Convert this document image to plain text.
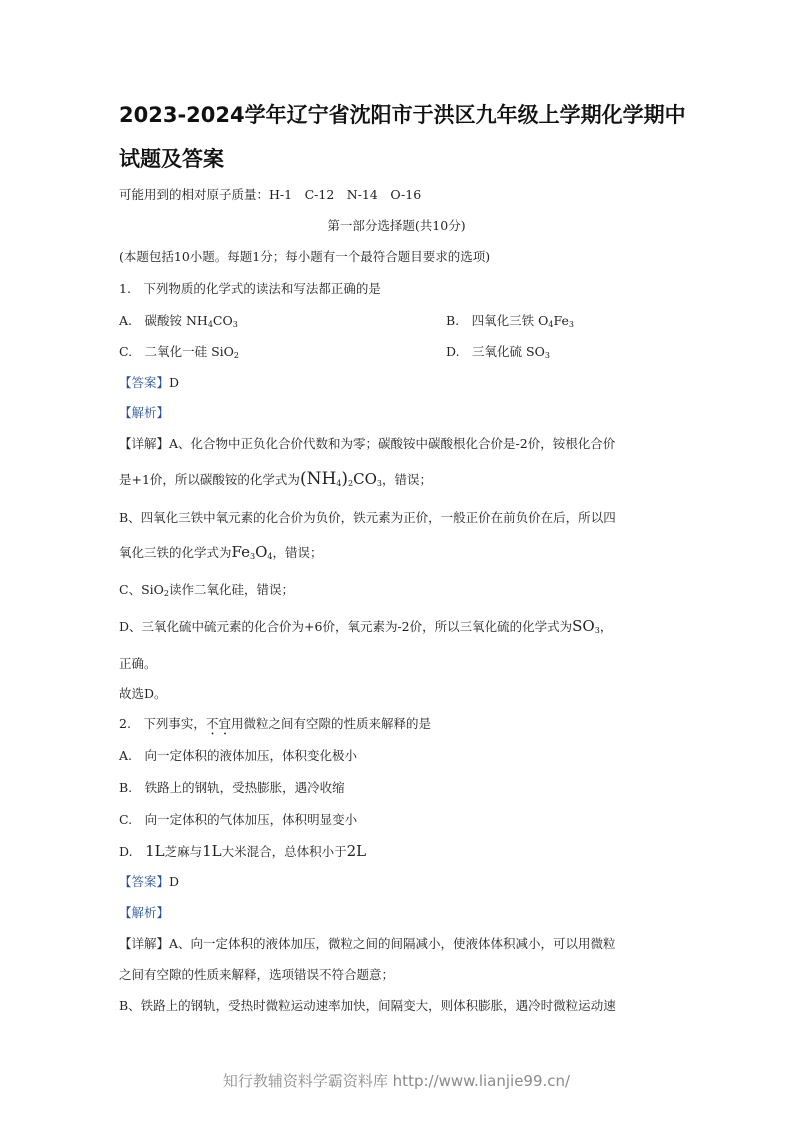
2023-2024学年辽宁省沈阳市于洪区九年级上学期化学期中
试题及答案
可能用到的相对原子质量：H-1　C-12　N-14　O-16
第一部分选择题(共10分)
(本题包括10小题。每题1分；每小题有一个最符合题目要求的选项)
1.　下列物质的化学式的读法和写法都正确的是
A.　碳酸铵 $NH_4CO_3$	B.　四氧化三铁 $O_4Fe_3$
C.　二氧化一硅 SiO$_2$	D.　三氧化硫 $SO_3$
【答案】D
【解析】
【详解】A、化合物中正负化合价代数和为零；碳酸铵中碳酸根化合价是-2价，铵根化合价
是+1价，所以碳酸铵的化学式为$(NH_4)_2CO_3$，错误；
B、四氧化三铁中氧元素的化合价为负价，铁元素为正价，一般正价在前负价在后，所以四
氧化三铁的化学式为$Fe_3O_4$，错误；
C、SiO$_2$读作二氧化硅，错误；
D、三氧化硫中硫元素的化合价为+6价，氧元素为-2价，所以三氧化硫的化学式为$SO_3$，
正确。
故选D。
2.　下列事实，不宜用微粒之间有空隙的性质来解释的是
A.　向一定体积的液体加压，体积变化极小
B.　铁路上的钢轨，受热膨胀，遇冷收缩
C.　向一定体积的气体加压，体积明显变小
D.　1L芝麻与1L大米混合，总体积小于2L
【答案】D
【解析】
【详解】A、向一定体积的液体加压，微粒之间的间隔减小，使液体体积减小，可以用微粒
之间有空隙的性质来解释，选项错误不符合题意；
B、铁路上的钢轨，受热时微粒运动速率加快，间隔变大，则体积膨胀，遇冷时微粒运动速
知行教辅资料学霸资料库 http://www.lianjie99.cn/
